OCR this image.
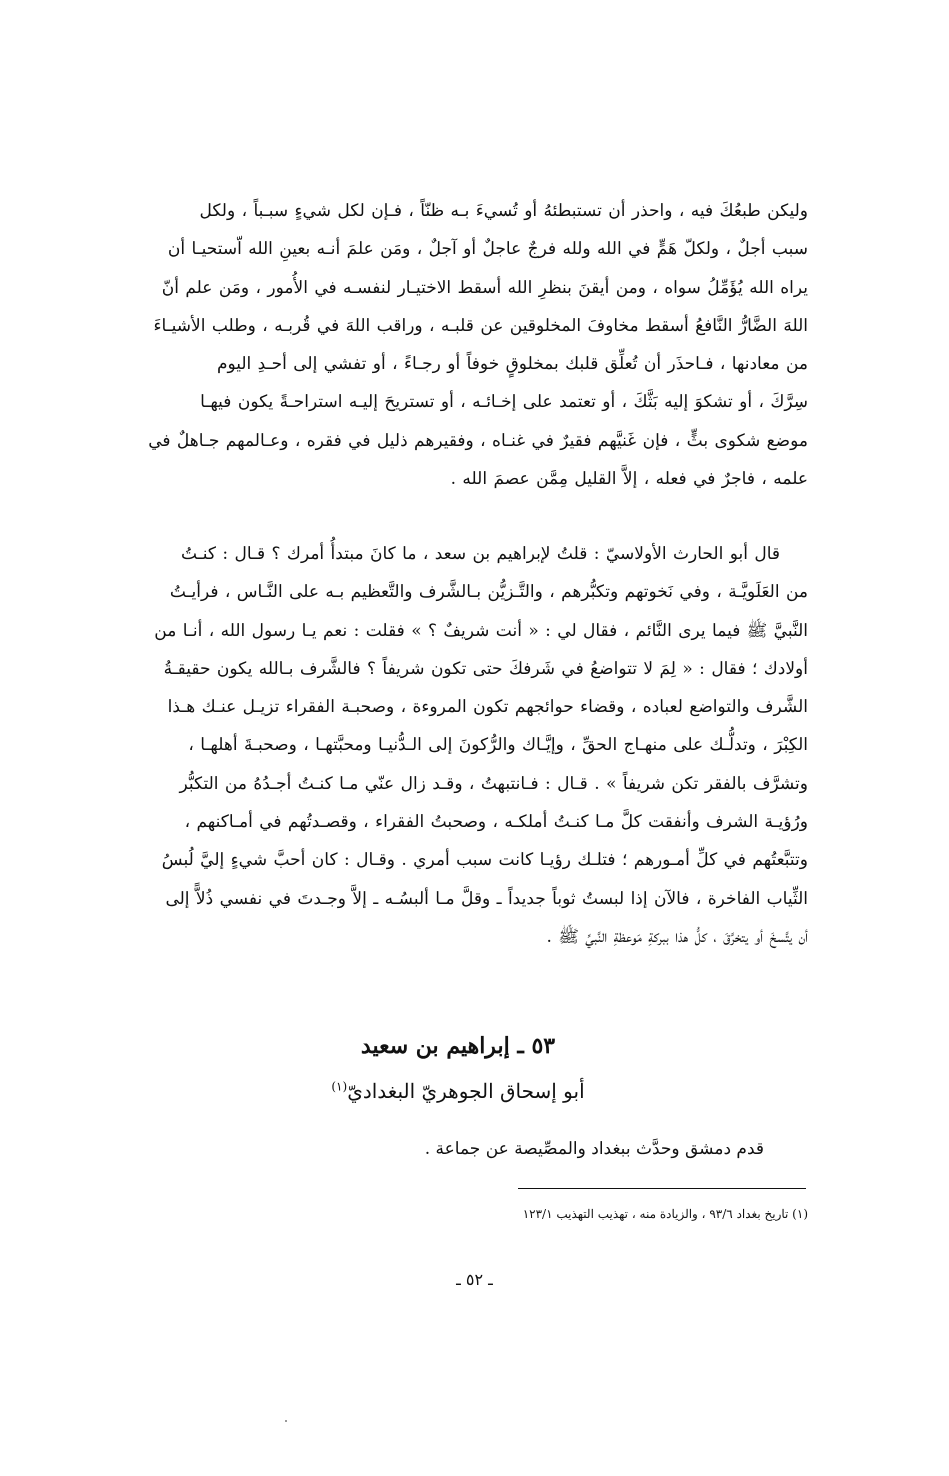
وليكن طبعُكَ فيه ، واحذر أن تستبطئهُ أو تُسيءَ بـه ظنّاً ، فـإن لكل شيءٍ سبـباً ، ولكل
سبب أجلٌ ، ولكلّ هَمٍّ في الله ولله فرجٌ عاجلٌ أو آجلٌ ، ومَن علمَ أنـه بعينِ الله اّستحيـا أن
يراه الله يُؤَمِّلُ سواه ، ومن أيقنَ بنظرِ الله أسقط الاختيـار لنفسـه في الأُمور ، ومَن علم أنّ
اللهَ الضَّارُّ النَّافعُ أسقط مخاوفَ المخلوقين عن قلبـه ، وراقب اللهَ في قُربـه ، وطلب الأشيـاءَ
من معادنها ، فـاحذَر أن تُعلِّق قلبك بمخلوقٍ خوفاً أو رجـاءً ، أو تفشي إلى أحـدِ اليوم
سِرَّكَ ، أو تشكوَ إليه بَثَّكَ ، أو تعتمد على إخـائـه ، أو تستريحَ إليـه استراحـةً يكون فيهـا
موضع شكوى بثٍّ ، فإن غَنيَّهم فقيرٌ في غنـاه ، وفقيرهم ذليل في فقره ، وعـالمهم جـاهلٌ في
علمه ، فاجرٌ في فعله ، إلاَّ القليل مِمَّن عصمَ الله .
قال أبو الحارث الأولاسيّ : قلتُ لإبراهيم بن سعد ، ما كانَ مبتدأُ أمرك ؟ قـال : كنـتُ
من العَلَويَّـة ، وفي نَخوتهم وتكبُّرهم ، والتَّـزيُّن بـالشَّرف والتَّعظيم بـه على النَّـاس ، فرأيـتُ
النَّبيَّ ﷺ فيما يرى النَّائم ، فقال لي : « أنت شريفٌ ؟ » فقلت : نعم يـا رسول الله ، أنـا من
أولادك ؛ فقال : « لِمَ لا تتواضعُ في شَرفكَ حتى تكون شريفاً ؟ فالشَّرف بـالله يكون حقيقـةُ
الشَّرف والتواضع لعباده ، وقضاء حوائجهم تكون المروءة ، وصحبـة الفقراء تزيـل عنـك هـذا
الكِبْرَ ، وتدلُّـك على منهـاج الحقِّ ، وإيَّـاك والرُّكونَ إلى الـدُّنيـا ومحبَّتهـا ، وصحبـةَ أهلهـا ،
وتشرَّف بالفقر تكن شريفاً » . قـال : فـانتبهتُ ، وقـد زال عنّي مـا كنـتُ أجـدُهُ من التكبُّر
ورُؤيـة الشرف وأنفقت كلَّ مـا كنـتُ أملكـه ، وصحبتُ الفقراء ، وقصـدتُهم في أمـاكنهم ،
وتتبَّعتُهم في كلِّ أمـورهم ؛ فتلـك رؤيـا كانت سبب أمري . وقـال : كان أحبَّ شيءٍ إليَّ لُبسُ
الثِّياب الفاخرة ، فالآن إذا لبستُ ثوباً جديداً ـ وقلَّ مـا ألبسُـه ـ إلاَّ وجـدتَ في نفسي ذُلاًّ إلى
أن يتَّسخَ أو يتخرَّقَ ، كلُّ هذا ببركةِ مَوعظةِ النَّبيِّ ﷺ .
٥٣ ـ إبراهيم بن سعيد
أبو إسحاق الجوهريّ البغداديّ$^{(١)}$
قدم دمشق وحدَّث ببغداد والمصِّيصة عن جماعة .
(١) تاريخ بغداد ٩٣/٦ ، والزيادة منه ، تهذيب التهذيب ١٢٣/١
ـ ٥٢ ـ
